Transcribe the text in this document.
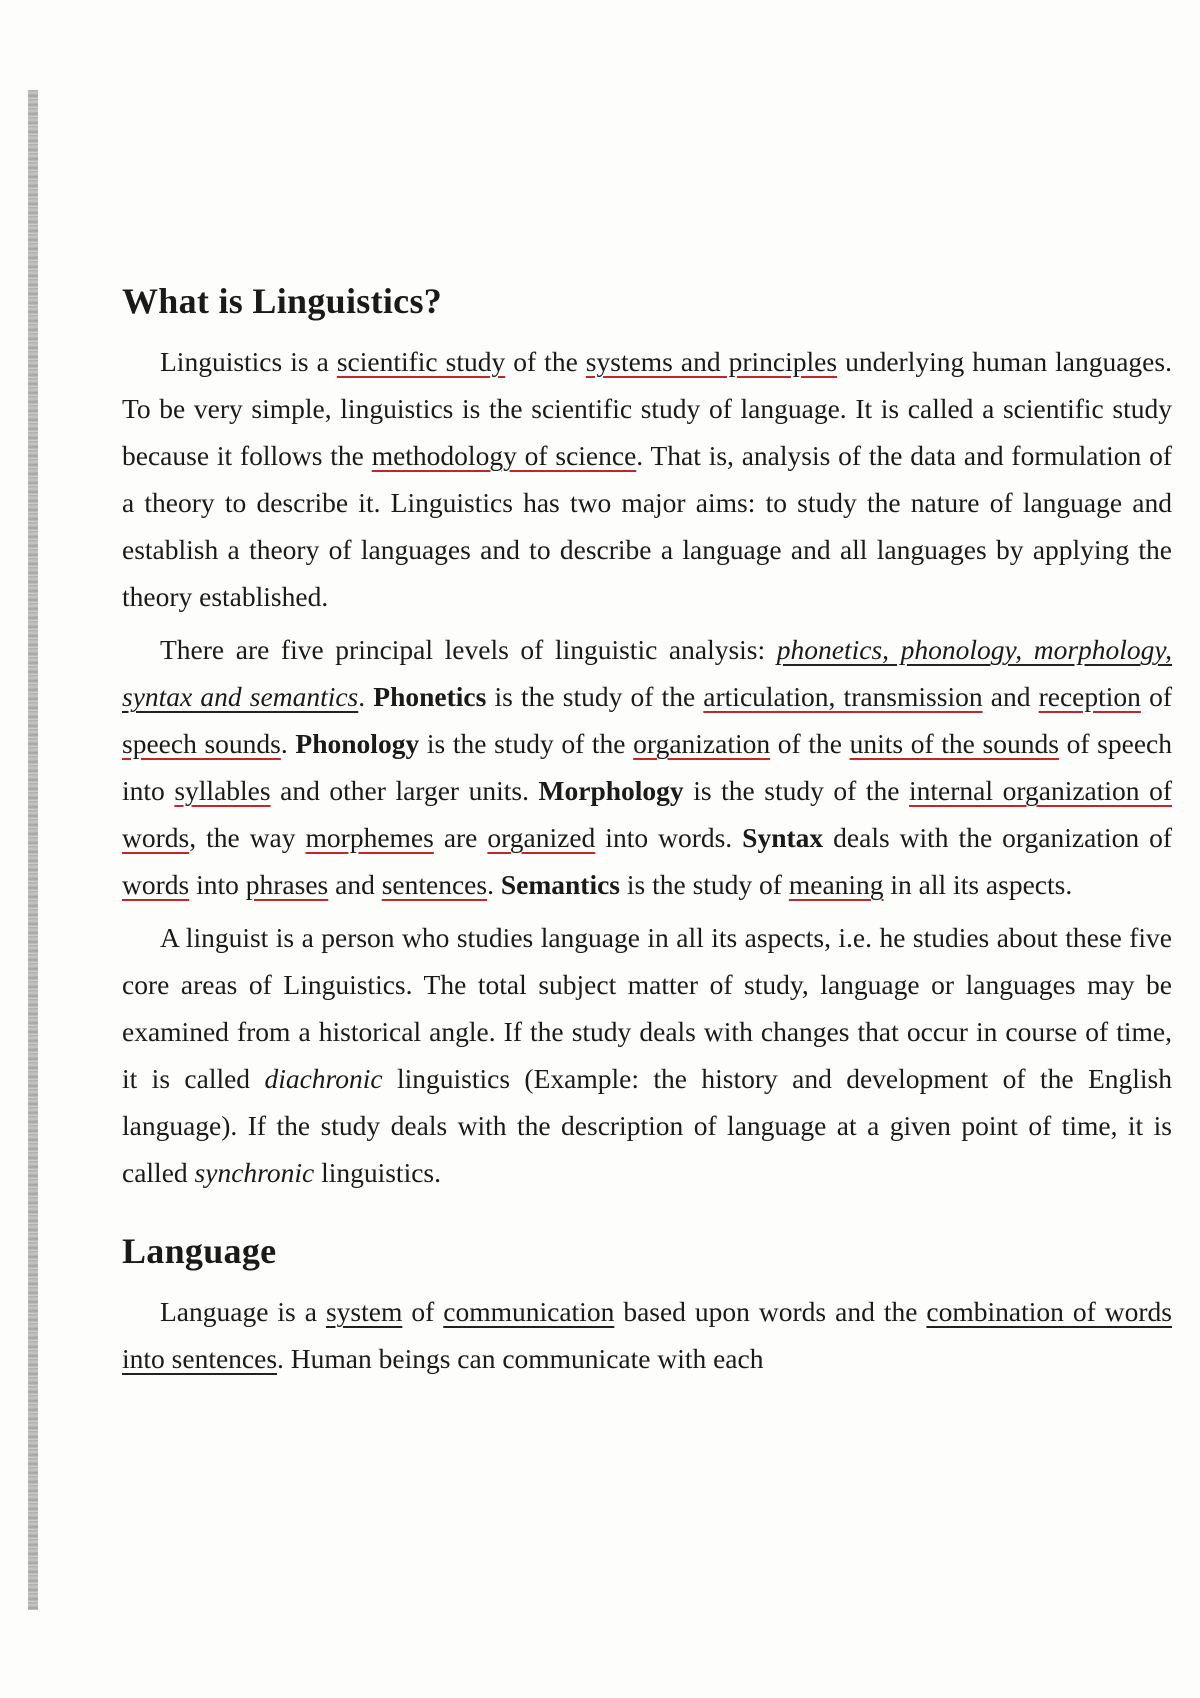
What is Linguistics?

Linguistics is a scientific study of the systems and principles underlying human languages. To be very simple, linguistics is the scientific study of language. It is called a scientific study because it follows the methodology of science. That is, analysis of the data and formulation of a theory to describe it. Linguistics has two major aims: to study the nature of language and establish a theory of languages and to describe a language and all languages by applying the theory established.

There are five principal levels of linguistic analysis: phonetics, phonology, morphology, syntax and semantics. Phonetics is the study of the articulation, transmission and reception of speech sounds. Phonology is the study of the organization of the units of the sounds of speech into syllables and other larger units. Morphology is the study of the internal organization of words, the way morphemes are organized into words. Syntax deals with the organization of words into phrases and sentences. Semantics is the study of meaning in all its aspects.

A linguist is a person who studies language in all its aspects, i.e. he studies about these five core areas of Linguistics. The total subject matter of study, language or languages may be examined from a historical angle. If the study deals with changes that occur in course of time, it is called diachronic linguistics (Example: the history and development of the English language). If the study deals with the description of language at a given point of time, it is called synchronic linguistics.

Language

Language is a system of communication based upon words and the combination of words into sentences. Human beings can communicate with each
